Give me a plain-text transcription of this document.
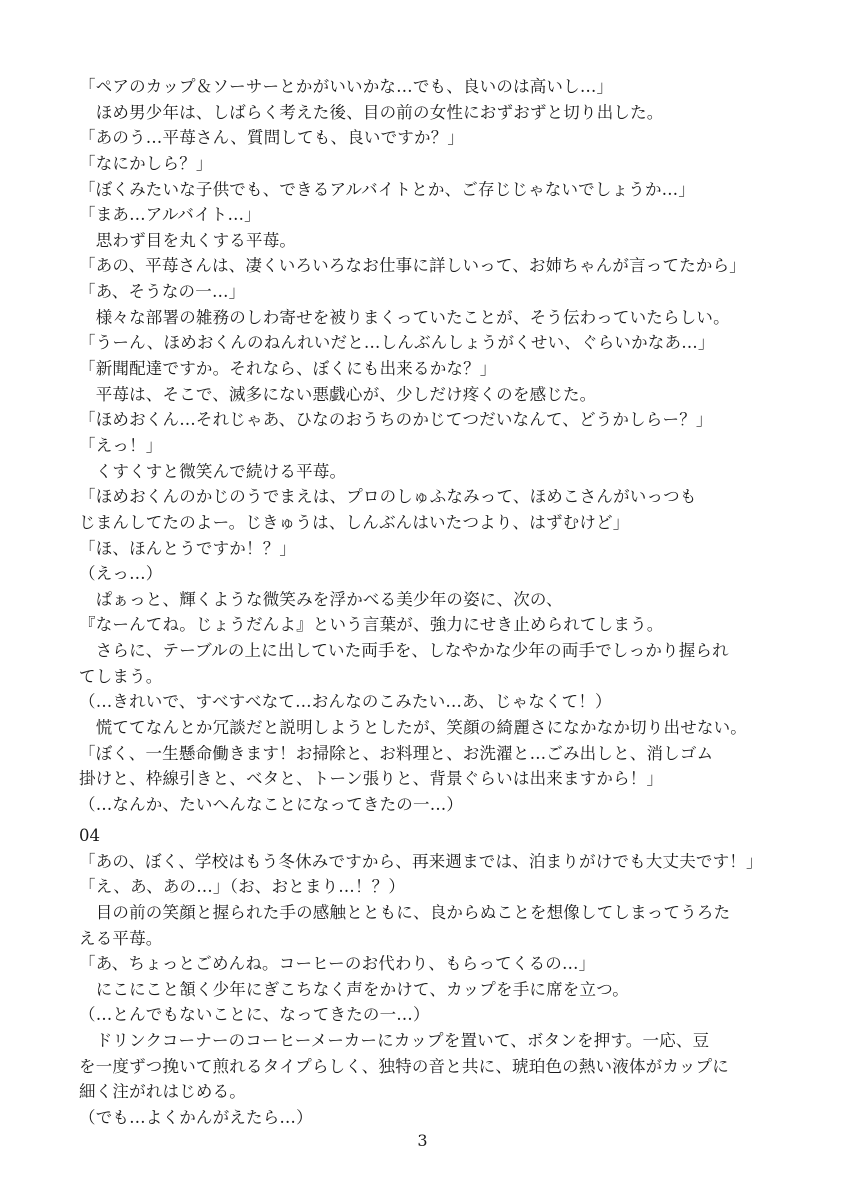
「ペアのカップ＆ソーサーとかがいいかな…でも、良いのは高いし…」
　ほめ男少年は、しばらく考えた後、目の前の女性におずおずと切り出した。
「あのう…平苺さん、質問しても、良いですか？」
「なにかしら？」
「ぼくみたいな子供でも、できるアルバイトとか、ご存じじゃないでしょうか…」
「まあ…アルバイト…」
　思わず目を丸くする平苺。
「あの、平苺さんは、凄くいろいろなお仕事に詳しいって、お姉ちゃんが言ってたから」
「あ、そうなの一…」
　様々な部署の雑務のしわ寄せを被りまくっていたことが、そう伝わっていたらしい。
「うーん、ほめおくんのねんれいだと…しんぶんしょうがくせい、ぐらいかなあ…」
「新聞配達ですか。それなら、ぼくにも出来るかな？」
　平苺は、そこで、滅多にない悪戯心が、少しだけ疼くのを感じた。
「ほめおくん…それじゃあ、ひなのおうちのかじてつだいなんて、どうかしらー？」
「えっ！」
　くすくすと微笑んで続ける平苺。
「ほめおくんのかじのうでまえは、プロのしゅふなみって、ほめこさんがいっつも
じまんしてたのよー。じきゅうは、しんぶんはいたつより、はずむけど」
「ほ、ほんとうですか！？」
（えっ…）
　ぱぁっと、輝くような微笑みを浮かべる美少年の姿に、次の、
『なーんてね。じょうだんよ』という言葉が、強力にせき止められてしまう。
　さらに、テーブルの上に出していた両手を、しなやかな少年の両手でしっかり握られ
てしまう。
（…きれいで、すべすべなて…おんなのこみたい…あ、じゃなくて！）
　慌ててなんとか冗談だと説明しようとしたが、笑顔の綺麗さになかなか切り出せない。
「ぼく、一生懸命働きます！お掃除と、お料理と、お洗濯と…ごみ出しと、消しゴム
掛けと、枠線引きと、ベタと、トーン張りと、背景ぐらいは出来ますから！」
（…なんか、たいへんなことになってきたの一…）
04
「あの、ぼく、学校はもう冬休みですから、再来週までは、泊まりがけでも大丈夫です！」
「え、あ、あの…」（お、おとまり…！？）
　目の前の笑顔と握られた手の感触とともに、良からぬことを想像してしまってうろた
える平苺。
「あ、ちょっとごめんね。コーヒーのお代わり、もらってくるの…」
　にこにこと頷く少年にぎこちなく声をかけて、カップを手に席を立つ。
（…とんでもないことに、なってきたの一…）
　ドリンクコーナーのコーヒーメーカーにカップを置いて、ボタンを押す。一応、豆
を一度ずつ挽いて煎れるタイプらしく、独特の音と共に、琥珀色の熱い液体がカップに
細く注がれはじめる。
（でも…よくかんがえたら…）
3
